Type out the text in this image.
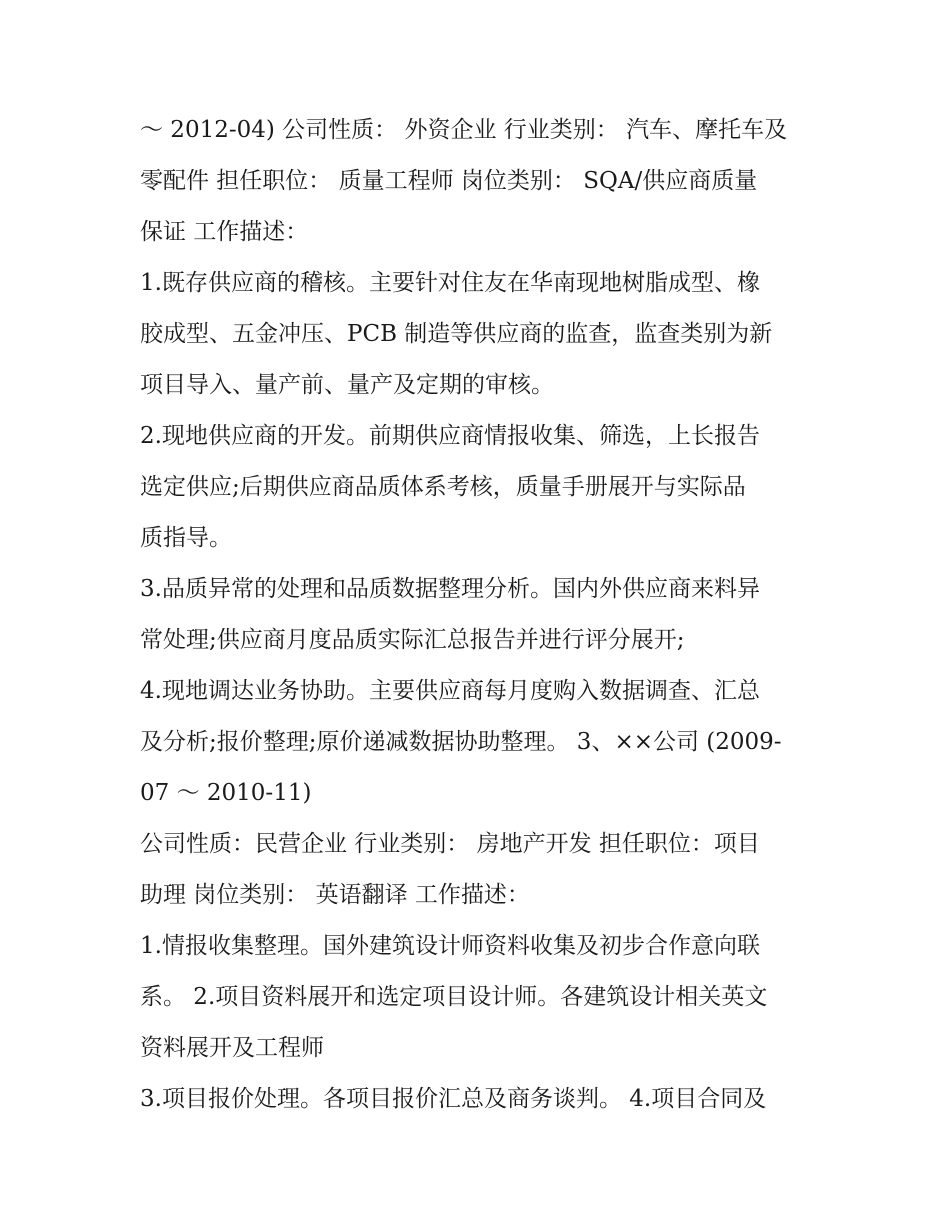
～ 2012-04) 公司性质： 外资企业 行业类别： 汽车、摩托车及
零配件 担任职位： 质量工程师 岗位类别： SQA/供应商质量
保证 工作描述：
1.既存供应商的稽核。主要针对住友在华南现地树脂成型、橡
胶成型、五金冲压、PCB 制造等供应商的监查，监查类别为新
项目导入、量产前、量产及定期的审核。
2.现地供应商的开发。前期供应商情报收集、筛选，上长报告
选定供应;后期供应商品质体系考核，质量手册展开与实际品
质指导。
3.品质异常的处理和品质数据整理分析。国内外供应商来料异
常处理;供应商月度品质实际汇总报告并进行评分展开;
4.现地调达业务协助。主要供应商每月度购入数据调查、汇总
及分析;报价整理;原价递减数据协助整理。 3、××公司 (2009-
07 ～ 2010-11)
公司性质：民营企业 行业类别： 房地产开发 担任职位：项目
助理 岗位类别： 英语翻译 工作描述：
1.情报收集整理。国外建筑设计师资料收集及初步合作意向联
系。 2.项目资料展开和选定项目设计师。各建筑设计相关英文
资料展开及工程师
3.项目报价处理。各项目报价汇总及商务谈判。 4.项目合同及
